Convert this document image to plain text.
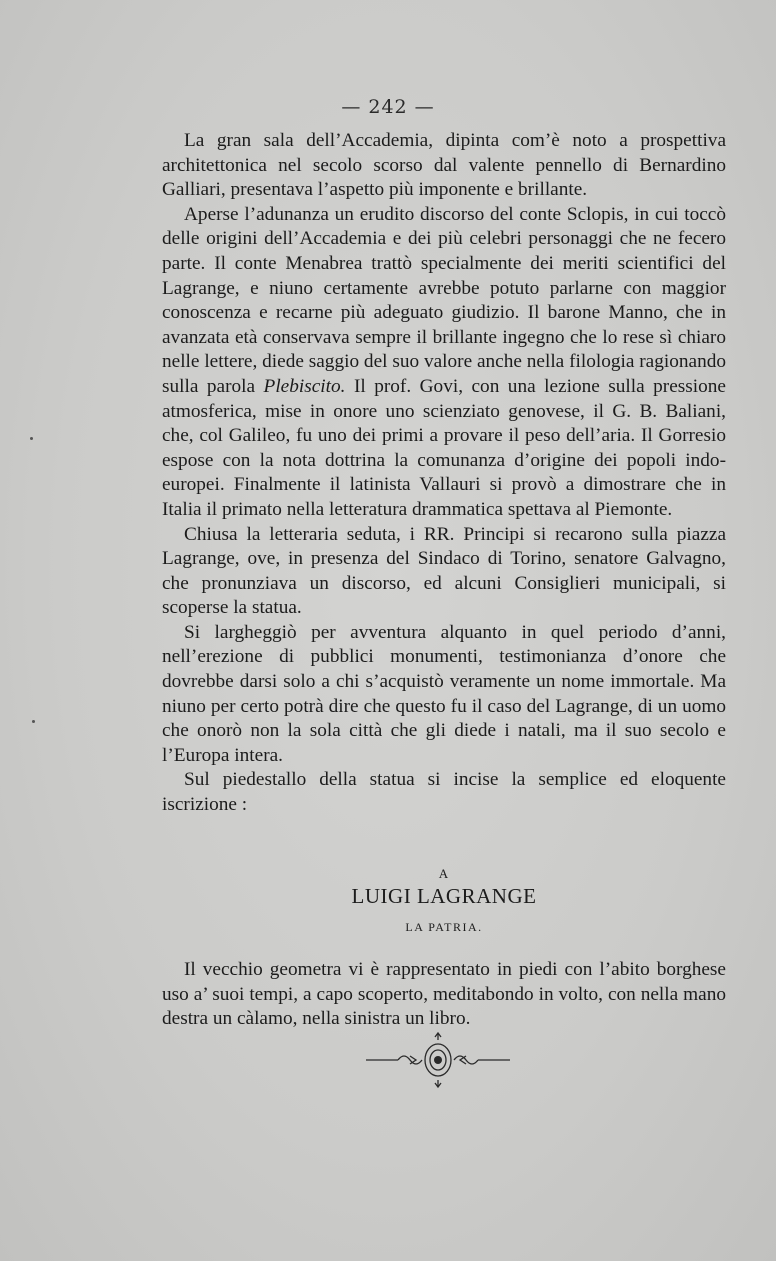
— 242 —

La gran sala dell’Accademia, dipinta com’è noto a prospettiva architettonica nel secolo scorso dal valente pennello di Bernardino Galliari, presentava l’aspetto più imponente e brillante.

Aperse l’adunanza un erudito discorso del conte Sclopis, in cui toccò delle origini dell’Accademia e dei più celebri personaggi che ne fecero parte. Il conte Menabrea trattò specialmente dei meriti scientifici del Lagrange, e niuno certamente avrebbe potuto parlarne con maggior conoscenza e recarne più adeguato giudizio. Il barone Manno, che in avanzata età conservava sempre il brillante ingegno che lo rese sì chiaro nelle lettere, diede saggio del suo valore anche nella filologia ragionando sulla parola Plebiscito. Il prof. Govi, con una lezione sulla pressione atmosferica, mise in onore uno scienziato genovese, il G. B. Baliani, che, col Galileo, fu uno dei primi a provare il peso dell’aria. Il Gorresio espose con la nota dottrina la comunanza d’origine dei popoli indo-europei. Finalmente il latinista Vallauri si provò a dimostrare che in Italia il primato nella letteratura drammatica spettava al Piemonte.

Chiusa la letteraria seduta, i RR. Principi si recarono sulla piazza Lagrange, ove, in presenza del Sindaco di Torino, senatore Galvagno, che pronunziava un discorso, ed alcuni Consiglieri municipali, si scoperse la statua.

Si largheggiò per avventura alquanto in quel periodo d’anni, nell’erezione di pubblici monumenti, testimonianza d’onore che dovrebbe darsi solo a chi s’acquistò veramente un nome immortale. Ma niuno per certo potrà dire che questo fu il caso del Lagrange, di un uomo che onorò non la sola città che gli diede i natali, ma il suo secolo e l’Europa intera.

Sul piedestallo della statua si incise la semplice ed eloquente iscrizione :

A
LUIGI LAGRANGE
LA PATRIA.

Il vecchio geometra vi è rappresentato in piedi con l’abito borghese uso a’ suoi tempi, a capo scoperto, meditabondo in volto, con nella mano destra un càlamo, nella sinistra un libro.
